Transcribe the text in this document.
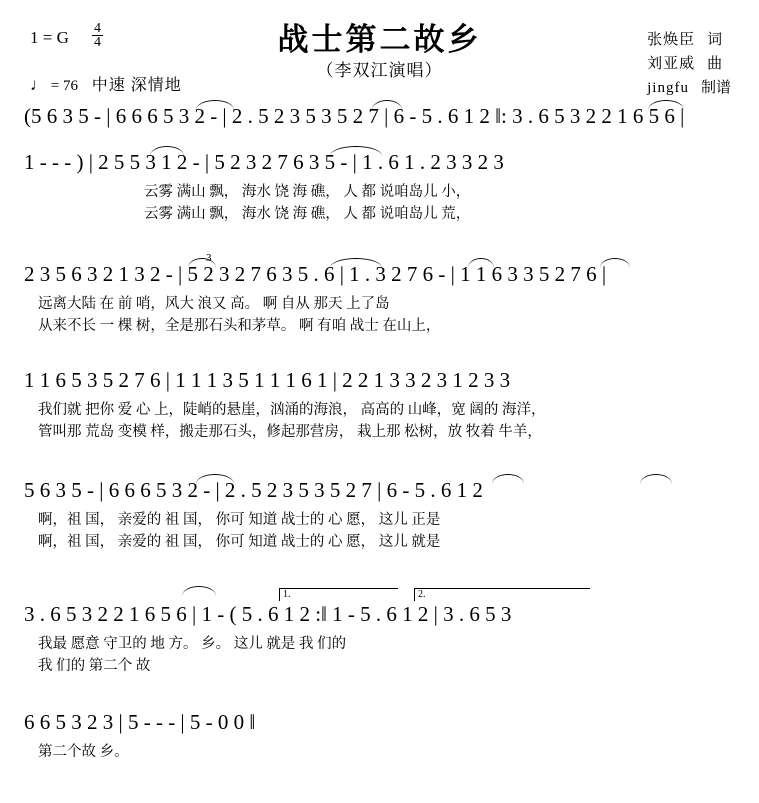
战士第二故乡
（李双江演唱）
张焕臣 词
刘亚威 曲
jingfu 制谱
1 = G $\frac{4}{4}$
♩ = 76 中速 深情地
(5 6 3 5 - | 6 6 6 5 3 2 - | 2 . 5 2 3 5 3 5 2 7 | 6 - 5 . 6 1 2 ‖: 3 . 6 5 3 2 2 1 6 5 6 |
1 - - - ) | 2 5 5 3 1 2 - | 5 2 3 2 7 6 3 5 - | 1 . 6 1 . 2 3 3 2 3
云雾 满山 飘， 海水 饶 海 礁， 人 都 说咱岛儿 小，
云雾 满山 飘， 海水 饶 海 礁， 人 都 说咱岛儿 荒，
2 3 5 6 3 2 1 3 2 - | 5 2 3 2 7 6 3 5 . 6 | 1 . 3 2 7 6 - | 1 1 6 3 3 5 2 7 6 |
远离大陆 在 前 哨，风大 浪又 高。 啊 自从 那天 上了岛
从来不长 一 棵 树，全是那石头和茅草。 啊 有咱 战士 在山上，
1 1 6 5 3 5 2 7 6 | 1 1 1 3 5 1 1 1 6 1 | 2 2 1 3 3 2 3 1 2 3 3
我们就 把你 爱 心 上，陡峭的悬崖，汹涌的海浪， 高高的 山峰，宽 阔的 海洋，
管叫那 荒岛 变模 样，搬走那石头，修起那营房， 栽上那 松树，放 牧着 牛羊，
5 6 3 5 - | 6 6 6 5 3 2 - | 2 . 5 2 3 5 3 5 2 7 | 6 - 5 . 6 1 2
啊，祖 国， 亲爱的 祖 国， 你可 知道 战士的 心 愿， 这儿 正是
啊，祖 国， 亲爱的 祖 国， 你可 知道 战士的 心 愿， 这儿 就是
1.	2.
3 . 6 5 3 2 2 1 6 5 6 | 1 - ( 5 . 6 1 2 :‖ 1 - 5 . 6 1 2 | 3 . 6 5 3
我最 愿意 守卫的 地 方。 乡。 这儿 就是 我 们的
我 们的 第二个 故
6 6 5 3 2 3 | 5 - - - | 5 - 0 0 ‖
第二个故 乡。
3
